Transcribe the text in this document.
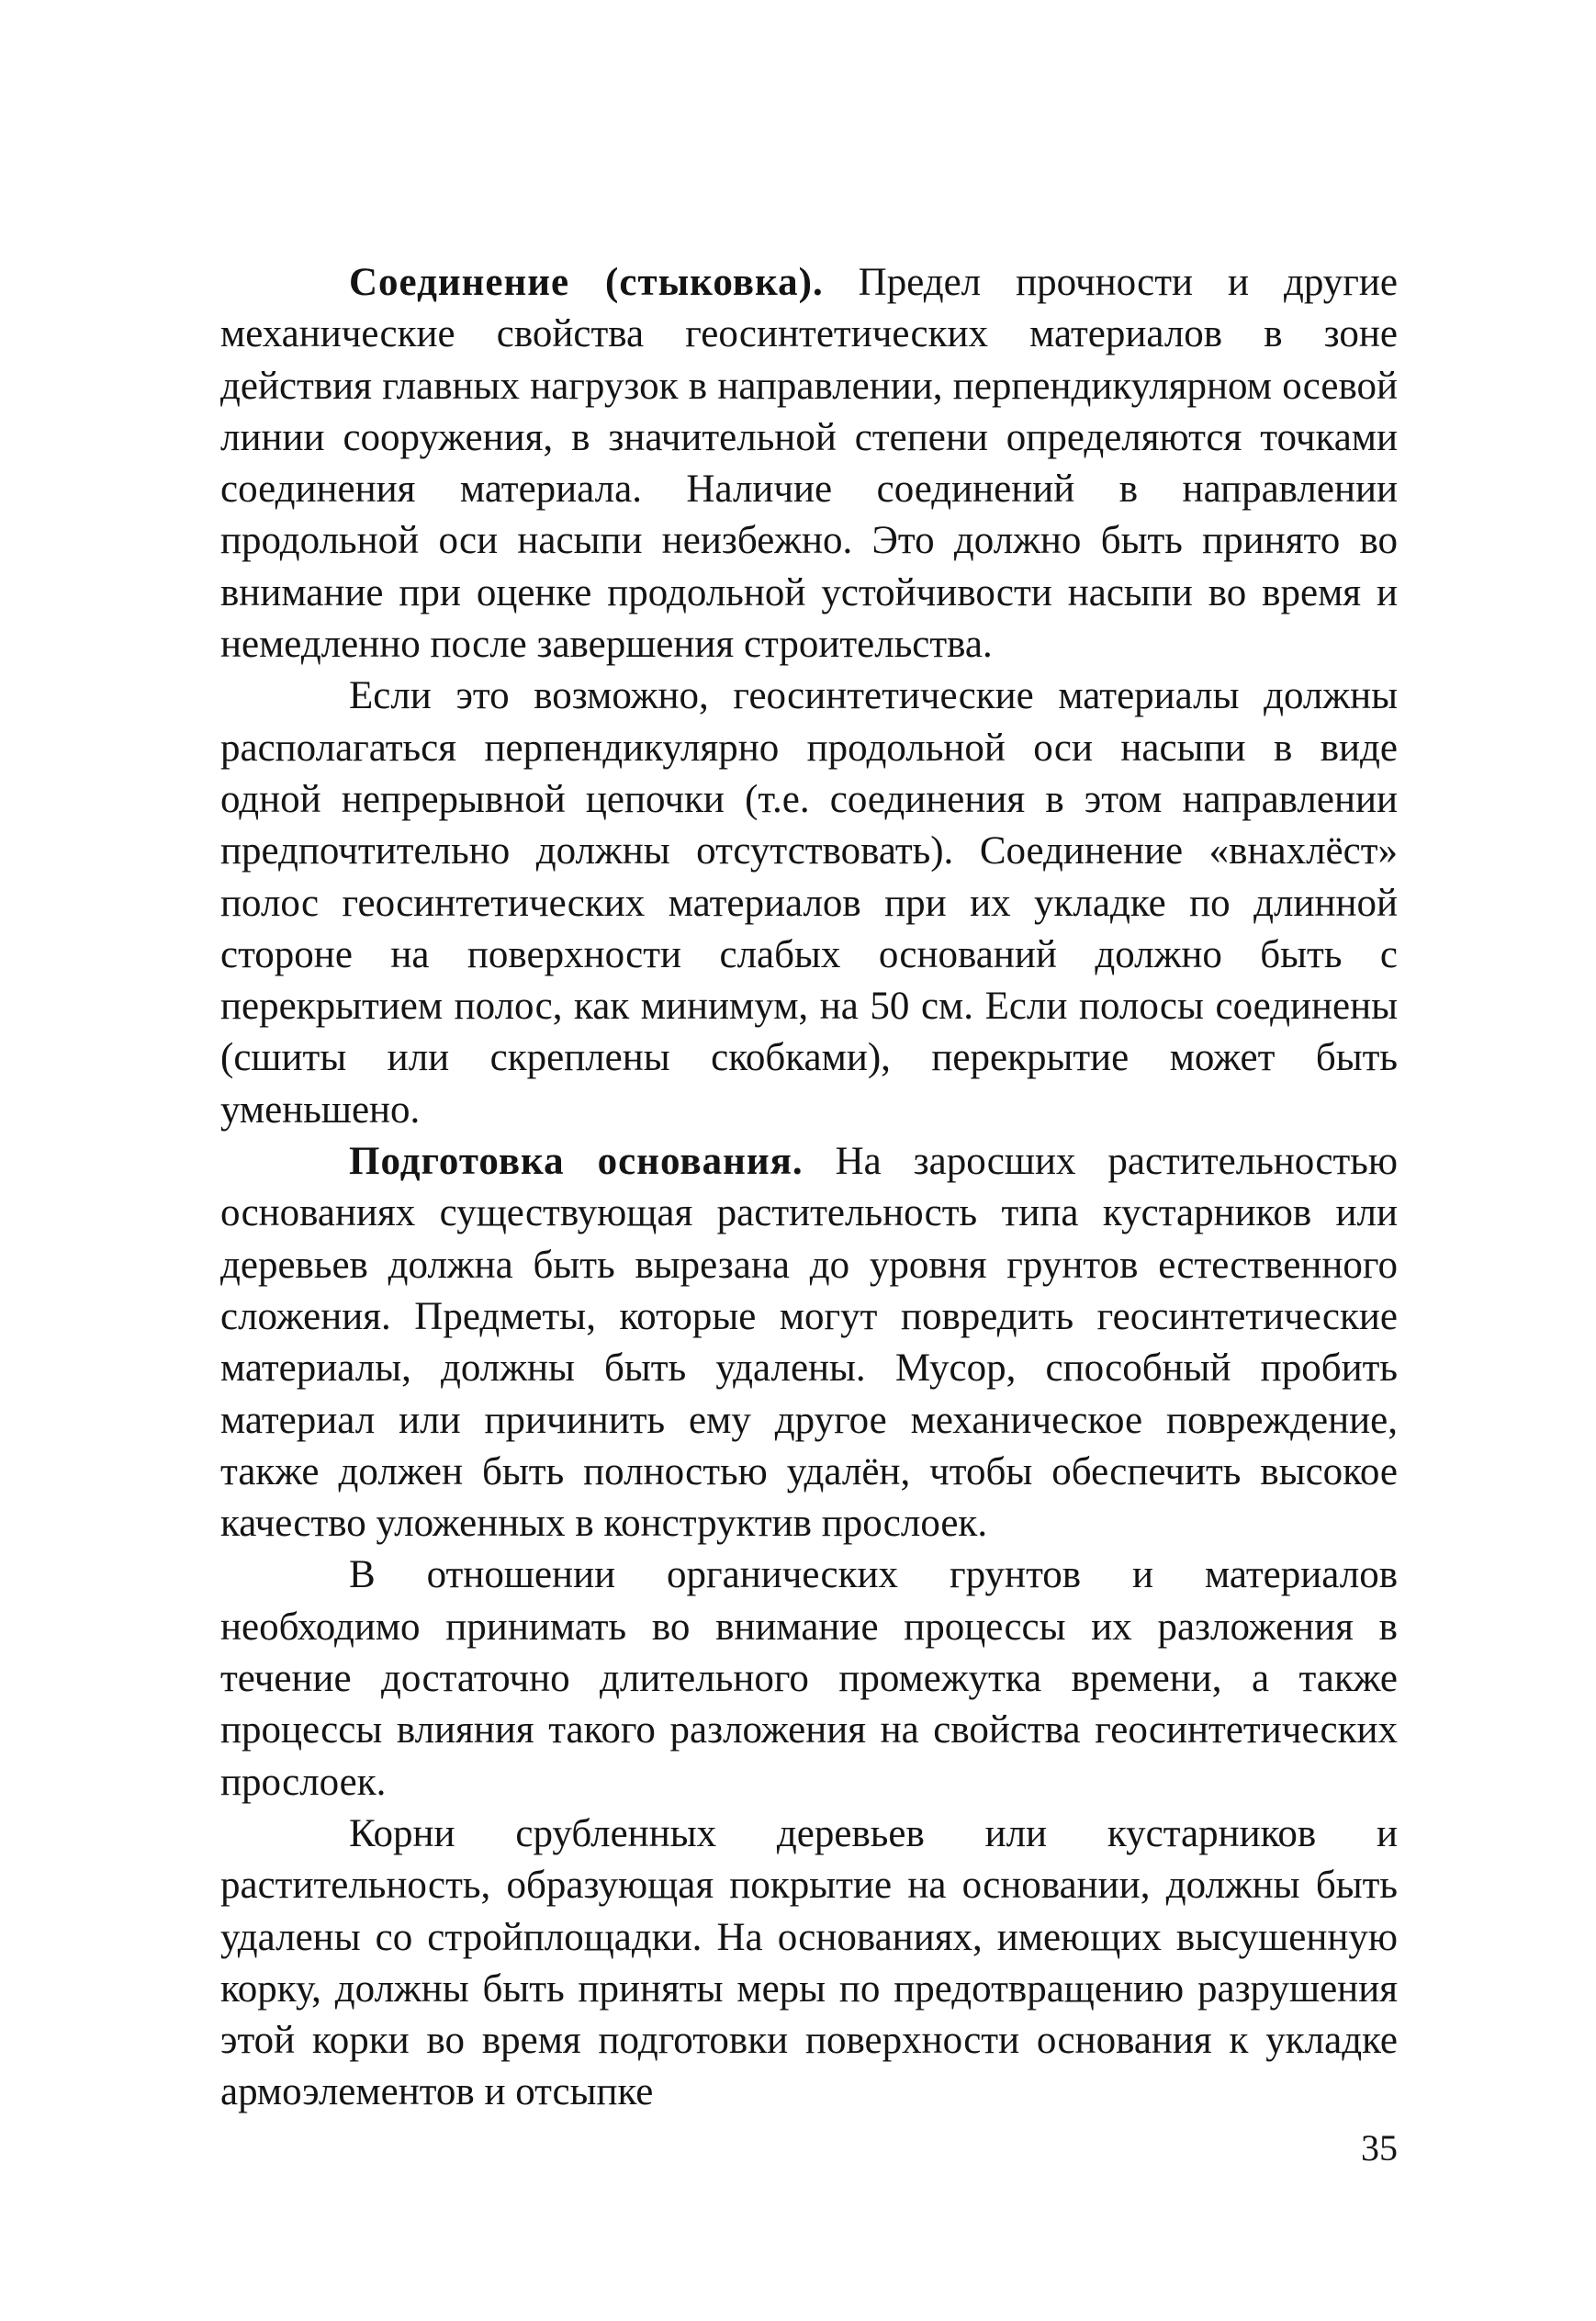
Соединение (стыковка). Предел прочности и другие механические свойства геосинтетических материалов в зоне действия главных нагрузок в направлении, перпендикулярном осевой линии сооружения, в значительной степени определяются точками соединения материала. Наличие соединений в направлении продольной оси насыпи неизбежно. Это должно быть принято во внимание при оценке продольной устойчивости насыпи во время и немедленно после завершения строительства.

Если это возможно, геосинтетические материалы должны располагаться перпендикулярно продольной оси насыпи в виде одной непрерывной цепочки (т.е. соединения в этом направлении предпочтительно должны отсутствовать). Соединение «внахлёст» полос геосинтетических материалов при их укладке по длинной стороне на поверхности слабых оснований должно быть с перекрытием полос, как минимум, на 50 см. Если полосы соединены (сшиты или скреплены скобками), перекрытие может быть уменьшено.

Подготовка основания. На заросших растительностью основаниях существующая растительность типа кустарников или деревьев должна быть вырезана до уровня грунтов естественного сложения. Предметы, которые могут повредить геосинтетические материалы, должны быть удалены. Мусор, способный пробить материал или причинить ему другое механическое повреждение, также должен быть полностью удалён, чтобы обеспечить высокое качество уложенных в конструктив прослоек.

В отношении органических грунтов и материалов необходимо принимать во внимание процессы их разложения в течение достаточно длительного промежутка времени, а также процессы влияния такого разложения на свойства геосинтетических прослоек.

Корни срубленных деревьев или кустарников и растительность, образующая покрытие на основании, должны быть удалены со стройплощадки. На основаниях, имеющих высушенную корку, должны быть приняты меры по предотвращению разрушения этой корки во время подготовки поверхности основания к укладке армоэлементов и отсыпке

35
